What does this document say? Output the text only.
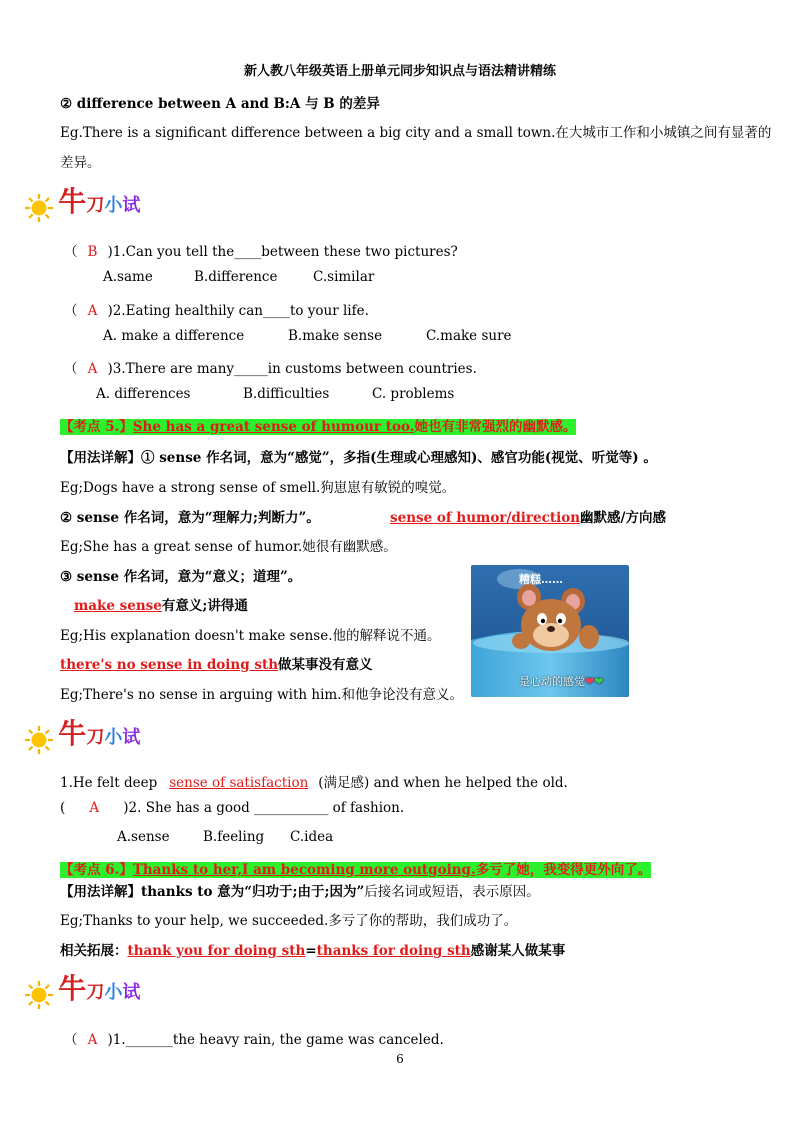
新人教八年级英语上册单元同步知识点与语法精讲精练
② difference between A and B:A 与 B 的差异
Eg.There is a significant difference between a big city and a small town.在大城市工作和小城镇之间有显著的
差异。
牛刀小试
（ B )1.Can you tell the____between these two pictures?
A.same	B.difference	C.similar
（ A )2.Eating healthily can____to your life.
A. make a difference	B.make sense	C.make sure
（ A )3.There are many_____in customs between countries.
A. differences	B.difficulties	C. problems
【考点 5.】She has a great sense of humour too.她也有非常强烈的幽默感。
【用法详解】① sense 作名词，意为“感觉”，多指(生理或心理感知)、感官功能(视觉、听觉等) 。
Eg;Dogs have a strong sense of smell.狗崽崽有敏锐的嗅觉。
② sense 作名词，意为“理解力;判断力”。	sense of humor/direction幽默感/方向感
Eg;She has a great sense of humor.她很有幽默感。
③ sense 作名词，意为“意义；道理”。
make sense有意义;讲得通
Eg;His explanation doesn't make sense.他的解释说不通。
there's no sense in doing sth做某事没有意义
Eg;There's no sense in arguing with him.和他争论没有意义。
糟糕……
是心动的感觉❤❤
牛刀小试
1.He felt deep sense of satisfaction (满足感) and when he helped the old.
( A )2. She has a good ___________ of fashion.
A.sense B.feeling C.idea
【考点 6.】Thanks to her,I am becoming more outgoing.多亏了她，我变得更外向了。
【用法详解】thanks to 意为“归功于;由于;因为”后接名词或短语，表示原因。
Eg;Thanks to your help, we succeeded.多亏了你的帮助，我们成功了。
相关拓展：thank you for doing sth=thanks for doing sth感谢某人做某事
牛刀小试
（ A )1._______the heavy rain, the game was canceled.
6
